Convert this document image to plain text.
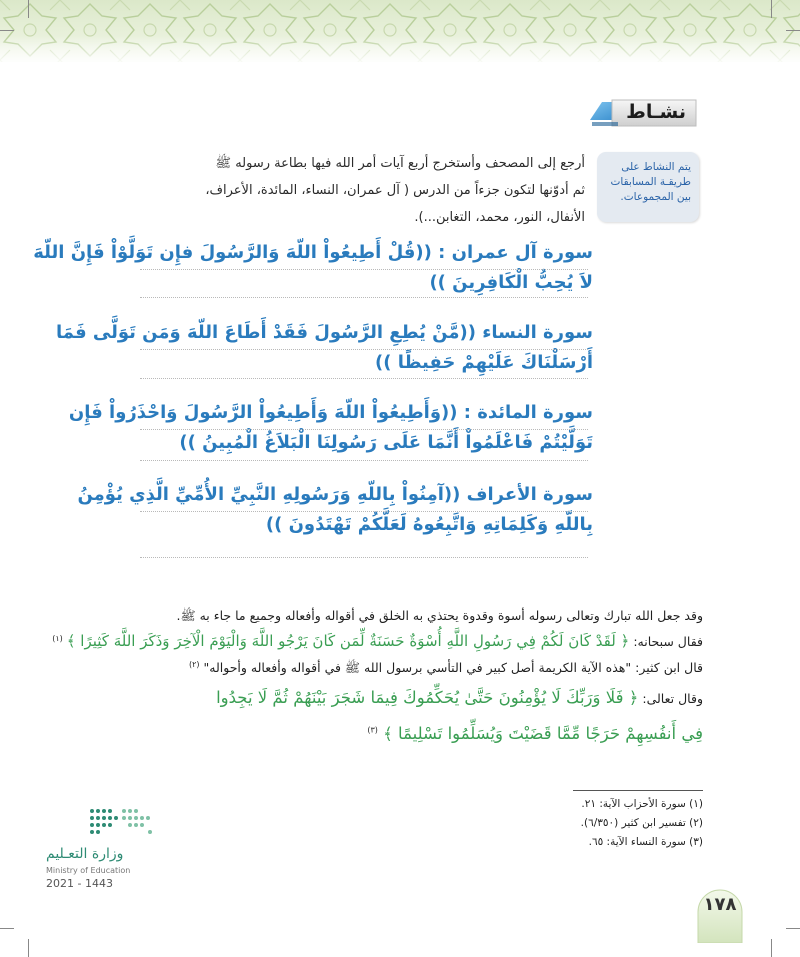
نشـاط
يتم النشاط على
طريقـة المسابقات
بين المجموعات.
أرجع إلى المصحف وأستخرج أربع آيات أمر الله فيها بطاعة رسوله ﷺ
ثم أدوّنها لتكون جزءاً من الدرس ( آل عمران، النساء، المائدة، الأعراف،
الأنفال، النور، محمد، التغابن...).
سورة آل عمران : ((قُلْ أَطِيعُواْ اللّهَ وَالرَّسُولَ فإِن تَوَلَّوْاْ فَإِنَّ اللّهَ
لاَ يُحِبُّ الْكَافِرِينَ ))
سورة النساء ((مَّنْ يُطِعِ الرَّسُولَ فَقَدْ أَطَاعَ اللّهَ وَمَن تَوَلَّى فَمَا
أَرْسَلْنَاكَ عَلَيْهِمْ حَفِيظًا ))
سورة المائدة : ((وَأَطِيعُواْ اللّهَ وَأَطِيعُواْ الرَّسُولَ وَاحْذَرُواْ فَإِن
تَوَلَّيْتُمْ فَاعْلَمُواْ أَنَّمَا عَلَى رَسُولِنَا الْبَلاَغُ الْمُبِينُ ))
سورة الأعراف ((آمِنُواْ بِاللّهِ وَرَسُولِهِ النَّبِيِّ الأُمِّيِّ الَّذِي يُؤْمِنُ
بِاللّهِ وَكَلِمَاتِهِ وَاتَّبِعُوهُ لَعَلَّكُمْ تَهْتَدُونَ ))
وقد جعل الله تبارك وتعالى رسوله أسوة وقدوة يحتذي به الخلق في أقواله وأفعاله وجميع ما جاء به ﷺ.
فقال سبحانه: ﴿ لَقَدْ كَانَ لَكُمْ فِي رَسُولِ اللَّهِ أُسْوَةٌ حَسَنَةٌ لِّمَن كَانَ يَرْجُو اللَّهَ وَالْيَوْمَ الْآخِرَ وَذَكَرَ اللَّهَ كَثِيرًا ﴾ $^{(١)}$
قال ابن كثير: "هذه الآية الكريمة أصل كبير في التأسي برسول الله ﷺ في أقواله وأفعاله وأحواله" $^{(٢)}$
وقال تعالى: ﴿ فَلَا وَرَبِّكَ لَا يُؤْمِنُونَ حَتَّىٰ يُحَكِّمُوكَ فِيمَا شَجَرَ بَيْنَهُمْ ثُمَّ لَا يَجِدُوا
فِي أَنفُسِهِمْ حَرَجًا مِّمَّا قَضَيْتَ وَيُسَلِّمُوا تَسْلِيمًا ﴾ $^{(٣)}$
(١) سورة الأحزاب الآية: ٢١.
(٢) تفسير ابن كثير (٦/٣٥٠).
(٣) سورة النساء الآية: ٦٥.
وزارة التعـليم
Ministry of Education
2021 - 1443
١٧٨
